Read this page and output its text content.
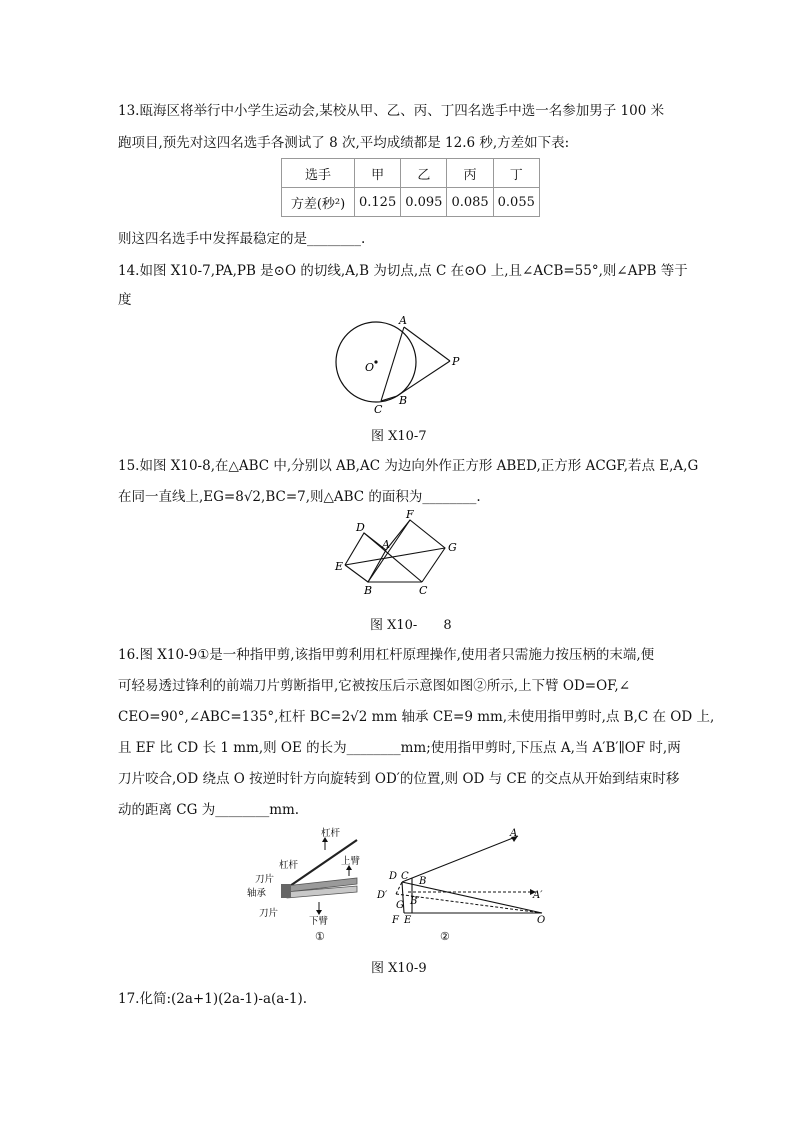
13.瓯海区将举行中小学生运动会,某校从甲、乙、丙、丁四名选手中选一名参加男子 100 米
跑项目,预先对这四名选手各测试了 8 次,平均成绩都是 12.6 秒,方差如下表:
选手	甲	乙	丙	丁
方差(秒²)	0.125	0.095	0.085	0.055
则这四名选手中发挥最稳定的是________.
14.如图 X10-7,PA,PB 是⊙O 的切线,A,B 为切点,点 C 在⊙O 上,且∠ACB=55°,则∠APB 等于
度
A
O	P
C
B
图 X10-7
15.如图 X10-8,在△ABC 中,分别以 AB,AC 为边向外作正方形 ABED,正方形 ACGF,若点 E,A,G
在同一直线上,EG=8√2,BC=7,则△ABC 的面积为________.
D
F
A	G
E
B	C
图 X10-　　8
16.图 X10-9①是一种指甲剪,该指甲剪利用杠杆原理操作,使用者只需施力按压柄的末端,便
可轻易透过锋利的前端刀片剪断指甲,它被按压后示意图如图②所示,上下臂 OD=OF,∠
CEO=90°,∠ABC=135°,杠杆 BC=2√2 mm 轴承 CE=9 mm,未使用指甲剪时,点 B,C 在 OD 上,
且 EF 比 CD 长 1 mm,则 OE 的长为________mm;使用指甲剪时,下压点 A,当 A′B′∥OF 时,两
刀片咬合,OD 绕点 O 按逆时针方向旋转到 OD′的位置,则 OD 与 CE 的交点从开始到结束时移
动的距离 CG 为________mm.
杠杆
杠杆	上臂
刀片
轴承
刀片
下臂
①
A
D C B
D′
G B′
A′
F E	O
②
图 X10-9
17.化简:(2a+1)(2a-1)-a(a-1).
